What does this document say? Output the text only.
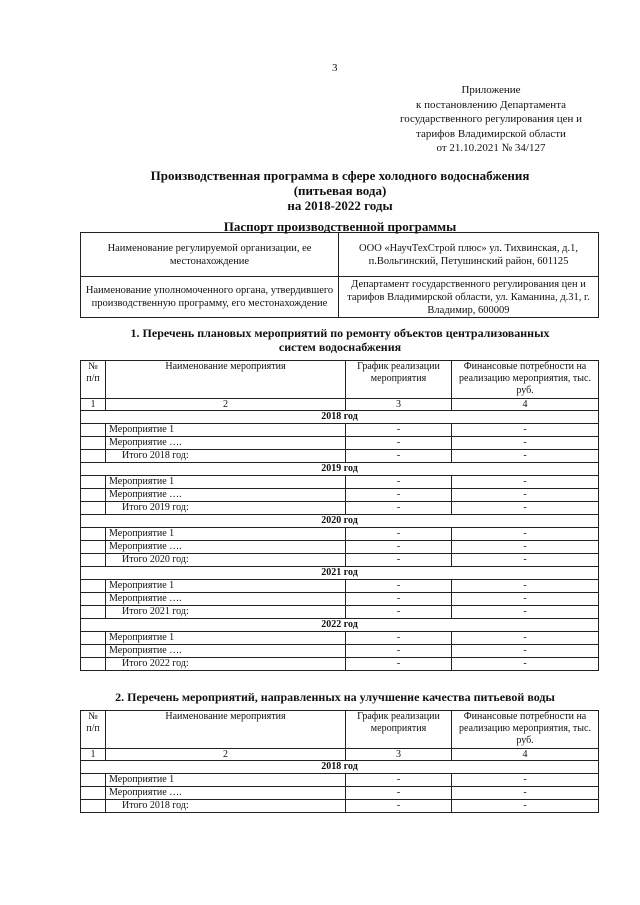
3
Приложение
к постановлению Департамента
государственного регулирования цен и
тарифов Владимирской области
от 21.10.2021 № 34/127
Производственная программа в сфере холодного водоснабжения
(питьевая вода)
на 2018-2022 годы
Паспорт производственной программы
Наименование регулируемой организации, ее местонахождение	ООО «НаучТехСтрой плюс» ул. Тихвинская, д.1, п.Вольгинский, Петушинский район, 601125
Наименование уполномоченного органа, утвердившего производственную программу, его местонахождение	Департамент государственного регулирования цен и тарифов Владимирской области, ул. Каманина, д.31, г. Владимир, 600009
1. Перечень плановых мероприятий по ремонту объектов централизованных
систем водоснабжения
№ п/п	Наименование мероприятия	График реализации мероприятия	Финансовые потребности на реализацию мероприятия, тыс. руб.
1	2	3	4
2018 год			
	Мероприятие 1	-	-
	Мероприятие ….	-	-
	Итого 2018 год:	-	-
2019 год			
	Мероприятие 1	-	-
	Мероприятие ….	-	-
	Итого 2019 год:	-	-
2020 год			
	Мероприятие 1	-	-
	Мероприятие ….	-	-
	Итого 2020 год:	-	-
2021 год			
	Мероприятие 1	-	-
	Мероприятие ….	-	-
	Итого 2021 год:	-	-
2022 год			
	Мероприятие 1	-	-
	Мероприятие ….	-	-
	Итого 2022 год:	-	-
2. Перечень мероприятий, направленных на улучшение качества питьевой воды
№ п/п	Наименование мероприятия	График реализации мероприятия	Финансовые потребности на реализацию мероприятия, тыс. руб.
1	2	3	4
2018 год			
	Мероприятие 1	-	-
	Мероприятие ….	-	-
	Итого 2018 год:	-	-
